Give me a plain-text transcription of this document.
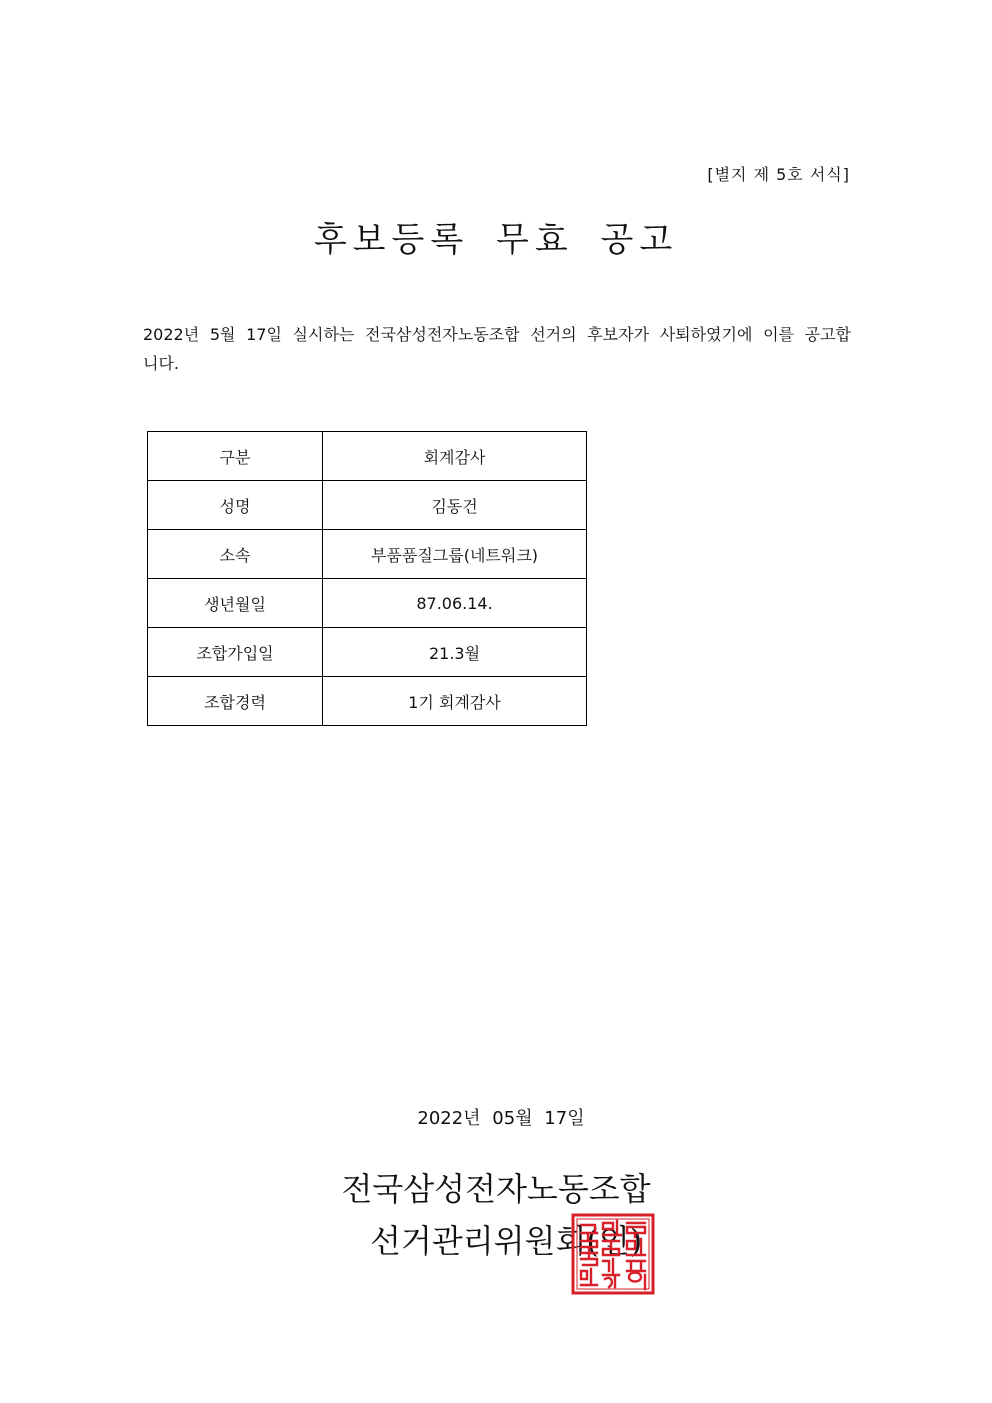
[별지 제 5호 서식]
후보등록 무효 공고

2022년 5월 17일 실시하는 전국삼성전자노동조합 선거의 후보자가 사퇴하였기에 이를 공고합니다.

구분	회계감사
성명	김동건
소속	부품품질그룹(네트워크)
생년월일	87.06.14.
조합가입일	21.3월
조합경력	1기 회계감사
2022년 05월 17일
전국삼성전자노동조합
선거관리위원회(인)
